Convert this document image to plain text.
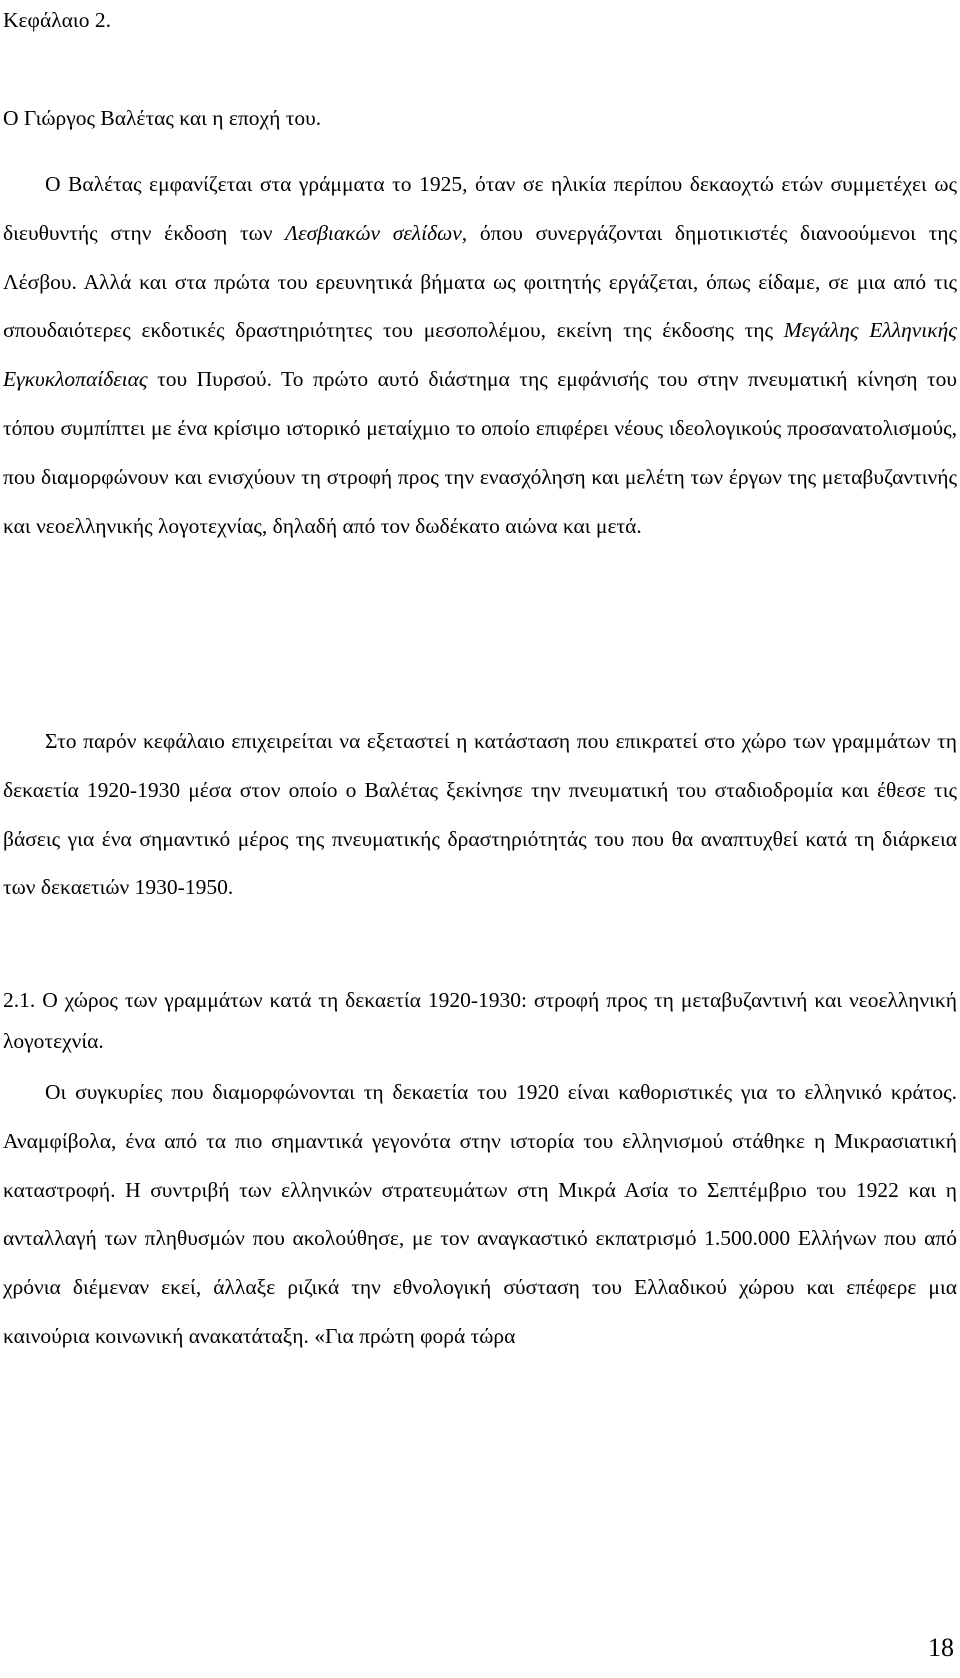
Κεφάλαιο 2.

Ο Γιώργος Βαλέτας και η εποχή του.

Ο Βαλέτας εμφανίζεται στα γράμματα το 1925, όταν σε ηλικία περίπου δεκαοχτώ ετών συμμετέχει ως διευθυντής στην έκδοση των Λεσβιακών σελίδων, όπου συνεργάζονται δημοτικιστές διανοούμενοι της Λέσβου. Αλλά και στα πρώτα του ερευνητικά βήματα ως φοιτητής εργάζεται, όπως είδαμε, σε μια από τις σπουδαιότερες εκδοτικές δραστηριότητες του μεσοπολέμου, εκείνη της έκδοσης της Μεγάλης Ελληνικής Εγκυκλοπαίδειας του Πυρσού. Το πρώτο αυτό διάστημα της εμφάνισής του στην πνευματική κίνηση του τόπου συμπίπτει με ένα κρίσιμο ιστορικό μεταίχμιο το οποίο επιφέρει νέους ιδεολογικούς προσανατολισμούς, που διαμορφώνουν και ενισχύουν τη στροφή προς την ενασχόληση και μελέτη των έργων της μεταβυζαντινής και νεοελληνικής λογοτεχνίας, δηλαδή από τον δωδέκατο αιώνα και μετά.

Στο παρόν κεφάλαιο επιχειρείται να εξεταστεί η κατάσταση που επικρατεί στο χώρο των γραμμάτων τη δεκαετία 1920-1930 μέσα στον οποίο ο Βαλέτας ξεκίνησε την πνευματική του σταδιοδρομία και έθεσε τις βάσεις για ένα σημαντικό μέρος της πνευματικής δραστηριότητάς του που θα αναπτυχθεί κατά τη διάρκεια των δεκαετιών 1930-1950.

2.1. Ο χώρος των γραμμάτων κατά τη δεκαετία 1920-1930: στροφή προς τη μεταβυζαντινή και νεοελληνική λογοτεχνία.

Οι συγκυρίες που διαμορφώνονται τη δεκαετία του 1920 είναι καθοριστικές για το ελληνικό κράτος. Αναμφίβολα, ένα από τα πιο σημαντικά γεγονότα στην ιστορία του ελληνισμού στάθηκε η Μικρασιατική καταστροφή. Η συντριβή των ελληνικών στρατευμάτων στη Μικρά Ασία το Σεπτέμβριο του 1922 και η ανταλλαγή των πληθυσμών που ακολούθησε, με τον αναγκαστικό εκπατρισμό 1.500.000 Ελλήνων που από χρόνια διέμεναν εκεί, άλλαξε ριζικά την εθνολογική σύσταση του Ελλαδικού χώρου και επέφερε μια καινούρια κοινωνική ανακατάταξη. «Για πρώτη φορά τώρα

18
